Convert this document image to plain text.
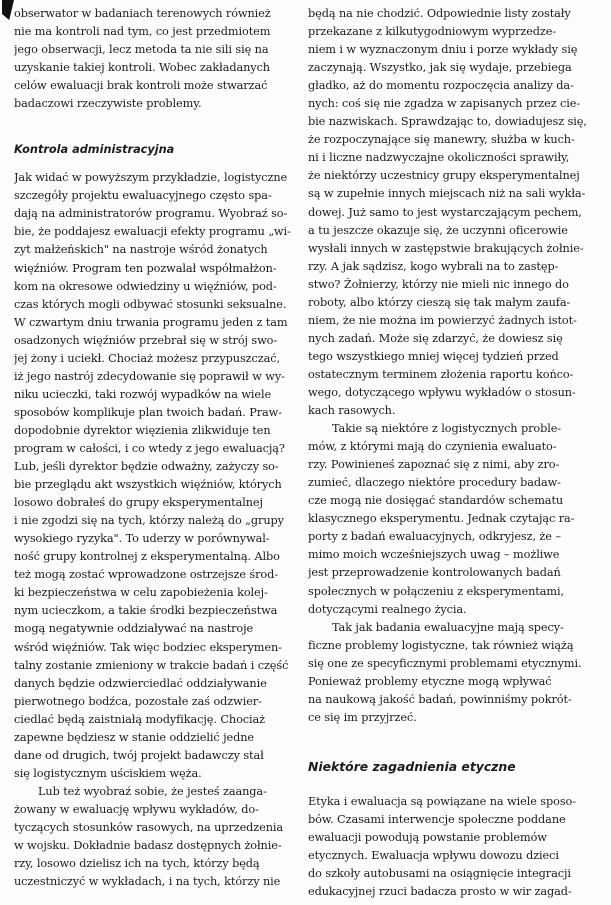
obserwator w badaniach terenowych również
nie ma kontroli nad tym, co jest przedmiotem
jego obserwacji, lecz metoda ta nie sili się na
uzyskanie takiej kontroli. Wobec zakładanych
celów ewaluacji brak kontroli może stwarzać
badaczowi rzeczywiste problemy.
Kontrola administracyjna
Jak widać w powyższym przykładzie, logistyczne
szczegóły projektu ewaluacyjnego często spa-
dają na administratorów programu. Wyobraź so-
bie, że poddajesz ewaluacji efekty programu „wi-
zyt małżeńskich" na nastroje wśród żonatych
więźniów. Program ten pozwalał współmałżon-
kom na okresowe odwiedziny u więźniów, pod-
czas których mogli odbywać stosunki seksualne.
W czwartym dniu trwania programu jeden z tam
osadzonych więźniów przebrał się w strój swo-
jej żony i uciekł. Chociaż możesz przypuszczać,
iż jego nastrój zdecydowanie się poprawił w wy-
niku ucieczki, taki rozwój wypadków na wiele
sposobów komplikuje plan twoich badań. Praw-
dopodobnie dyrektor więzienia zlikwiduje ten
program w całości, i co wtedy z jego ewaluacją?
Lub, jeśli dyrektor będzie odważny, zażyczy so-
bie przeglądu akt wszystkich więźniów, których
losowo dobrałeś do grupy eksperymentalnej
i nie zgodzi się na tych, którzy należą do „grupy
wysokiego ryzyka". To uderzy w porównywal-
ność grupy kontrolnej z eksperymentalną. Albo
też mogą zostać wprowadzone ostrzejsze środ-
ki bezpieczeństwa w celu zapobieżenia kolej-
nym ucieczkom, a takie środki bezpieczeństwa
mogą negatywnie oddziaływać na nastroje
wśród więźniów. Tak więc bodziec eksperymen-
talny zostanie zmieniony w trakcie badań i część
danych będzie odzwierciedlać oddziaływanie
pierwotnego bodźca, pozostałe zaś odzwier-
ciedlać będą zaistniałą modyfikację. Chociaż
zapewne będziesz w stanie oddzielić jedne
dane od drugich, twój projekt badawczy stał
się logistycznym uściskiem węża.
Lub też wyobraź sobie, że jesteś zaanga-
żowany w ewaluację wpływu wykładów, do-
tyczących stosunków rasowych, na uprzedzenia
w wojsku. Dokładnie badasz dostępnych żołnie-
rzy, losowo dzielisz ich na tych, którzy będą
uczestniczyć w wykładach, i na tych, którzy nie
będą na nie chodzić. Odpowiednie listy zostały
przekazane z kilkutygodniowym wyprzedze-
niem i w wyznaczonym dniu i porze wykłady się
zaczynają. Wszystko, jak się wydaje, przebiega
gładko, aż do momentu rozpoczęcia analizy da-
nych: coś się nie zgadza w zapisanych przez cie-
bie nazwiskach. Sprawdzając to, dowiadujesz się,
że rozpoczynające się manewry, służba w kuch-
ni i liczne nadzwyczajne okoliczności sprawiły,
że niektórzy uczestnicy grupy eksperymentalnej
są w zupełnie innych miejscach niż na sali wykła-
dowej. Już samo to jest wystarczającym pechem,
a tu jeszcze okazuje się, że uczynni oficerowie
wysłali innych w zastępstwie brakujących żołnie-
rzy. A jak sądzisz, kogo wybrali na to zastęp-
stwo? Żołnierzy, którzy nie mieli nic innego do
roboty, albo którzy cieszą się tak małym zaufa-
niem, że nie można im powierzyć żadnych istot-
nych zadań. Może się zdarzyć, że dowiesz się
tego wszystkiego mniej więcej tydzień przed
ostatecznym terminem złożenia raportu końco-
wego, dotyczącego wpływu wykładów o stosun-
kach rasowych.
Takie są niektóre z logistycznych proble-
mów, z którymi mają do czynienia ewaluato-
rzy. Powinieneś zapoznać się z nimi, aby zro-
zumieć, dlaczego niektóre procedury badaw-
cze mogą nie dosięgać standardów schematu
klasycznego eksperymentu. Jednak czytając ra-
porty z badań ewaluacyjnych, odkryjesz, że –
mimo moich wcześniejszych uwag – możliwe
jest przeprowadzenie kontrolowanych badań
społecznych w połączeniu z eksperymentami,
dotyczącymi realnego życia.
Tak jak badania ewaluacyjne mają specy-
ficzne problemy logistyczne, tak również wiążą
się one ze specyficznymi problemami etycznymi.
Ponieważ problemy etyczne mogą wpływać
na naukową jakość badań, powinniśmy pokrót-
ce się im przyjrzeć.
Niektóre zagadnienia etyczne
Etyka i ewaluacja są powiązane na wiele sposo-
bów. Czasami interwencje społeczne poddane
ewaluacji powodują powstanie problemów
etycznych. Ewaluacja wpływu dowozu dzieci
do szkoły autobusami na osiągnięcie integracji
edukacyjnej rzuci badacza prosto w wir zagad-
